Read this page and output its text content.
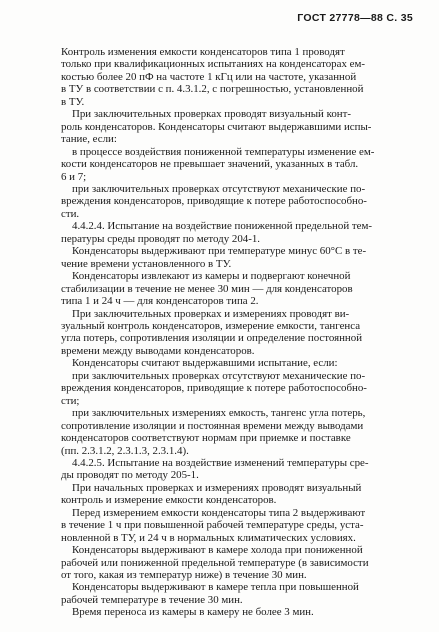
ГОСТ 27778—88 С. 35
Контроль изменения емкости конденсаторов типа 1 проводят
только при квалификационных испытаниях на конденсаторах ем-
костью более 20 пФ на частоте 1 кГц или на частоте, указанной
в ТУ в соответствии с п. 4.3.1.2, с погрешностью, установленной
в ТУ.
При заключительных проверках проводят визуальный конт-
роль конденсаторов. Конденсаторы считают выдержавшими испы-
тание, если:
в процессе воздействия пониженной температуры изменение ем-
кости конденсаторов не превышает значений, указанных в табл.
6 и 7;
при заключительных проверках отсутствуют механические по-
вреждения конденсаторов, приводящие к потере работоспособно-
сти.
4.4.2.4. Испытание на воздействие пониженной предельной тем-
пературы среды проводят по методу 204-1.
Конденсаторы выдерживают при температуре минус 60°С в те-
чение времени установленного в ТУ.
Конденсаторы извлекают из камеры и подвергают конечной
стабилизации в течение не менее 30 мин — для конденсаторов
типа 1 и 24 ч — для конденсаторов типа 2.
При заключительных проверках и измерениях проводят ви-
зуальный контроль конденсаторов, измерение емкости, тангенса
угла потерь, сопротивления изоляции и определение постоянной
времени между выводами конденсаторов.
Конденсаторы считают выдержавшими испытание, если:
при заключительных проверках отсутствуют механические по-
вреждения конденсаторов, приводящие к потере работоспособно-
сти;
при заключительных измерениях емкость, тангенс угла потерь,
сопротивление изоляции и постоянная времени между выводами
конденсаторов соответствуют нормам при приемке и поставке
(пп. 2.3.1.2, 2.3.1.3, 2.3.1.4).
4.4.2.5. Испытание на воздействие изменений температуры сре-
ды проводят по методу 205-1.
При начальных проверках и измерениях проводят визуальный
контроль и измерение емкости конденсаторов.
Перед измерением емкости конденсаторы типа 2 выдерживают
в течение 1 ч при повышенной рабочей температуре среды, уста-
новленной в ТУ, и 24 ч в нормальных климатических условиях.
Конденсаторы выдерживают в камере холода при пониженной
рабочей или пониженной предельной температуре (в зависимости
от того, какая из температур ниже) в течение 30 мин.
Конденсаторы выдерживают в камере тепла при повышенной
рабочей температуре в течение 30 мин.
Время переноса из камеры в камеру не более 3 мин.
